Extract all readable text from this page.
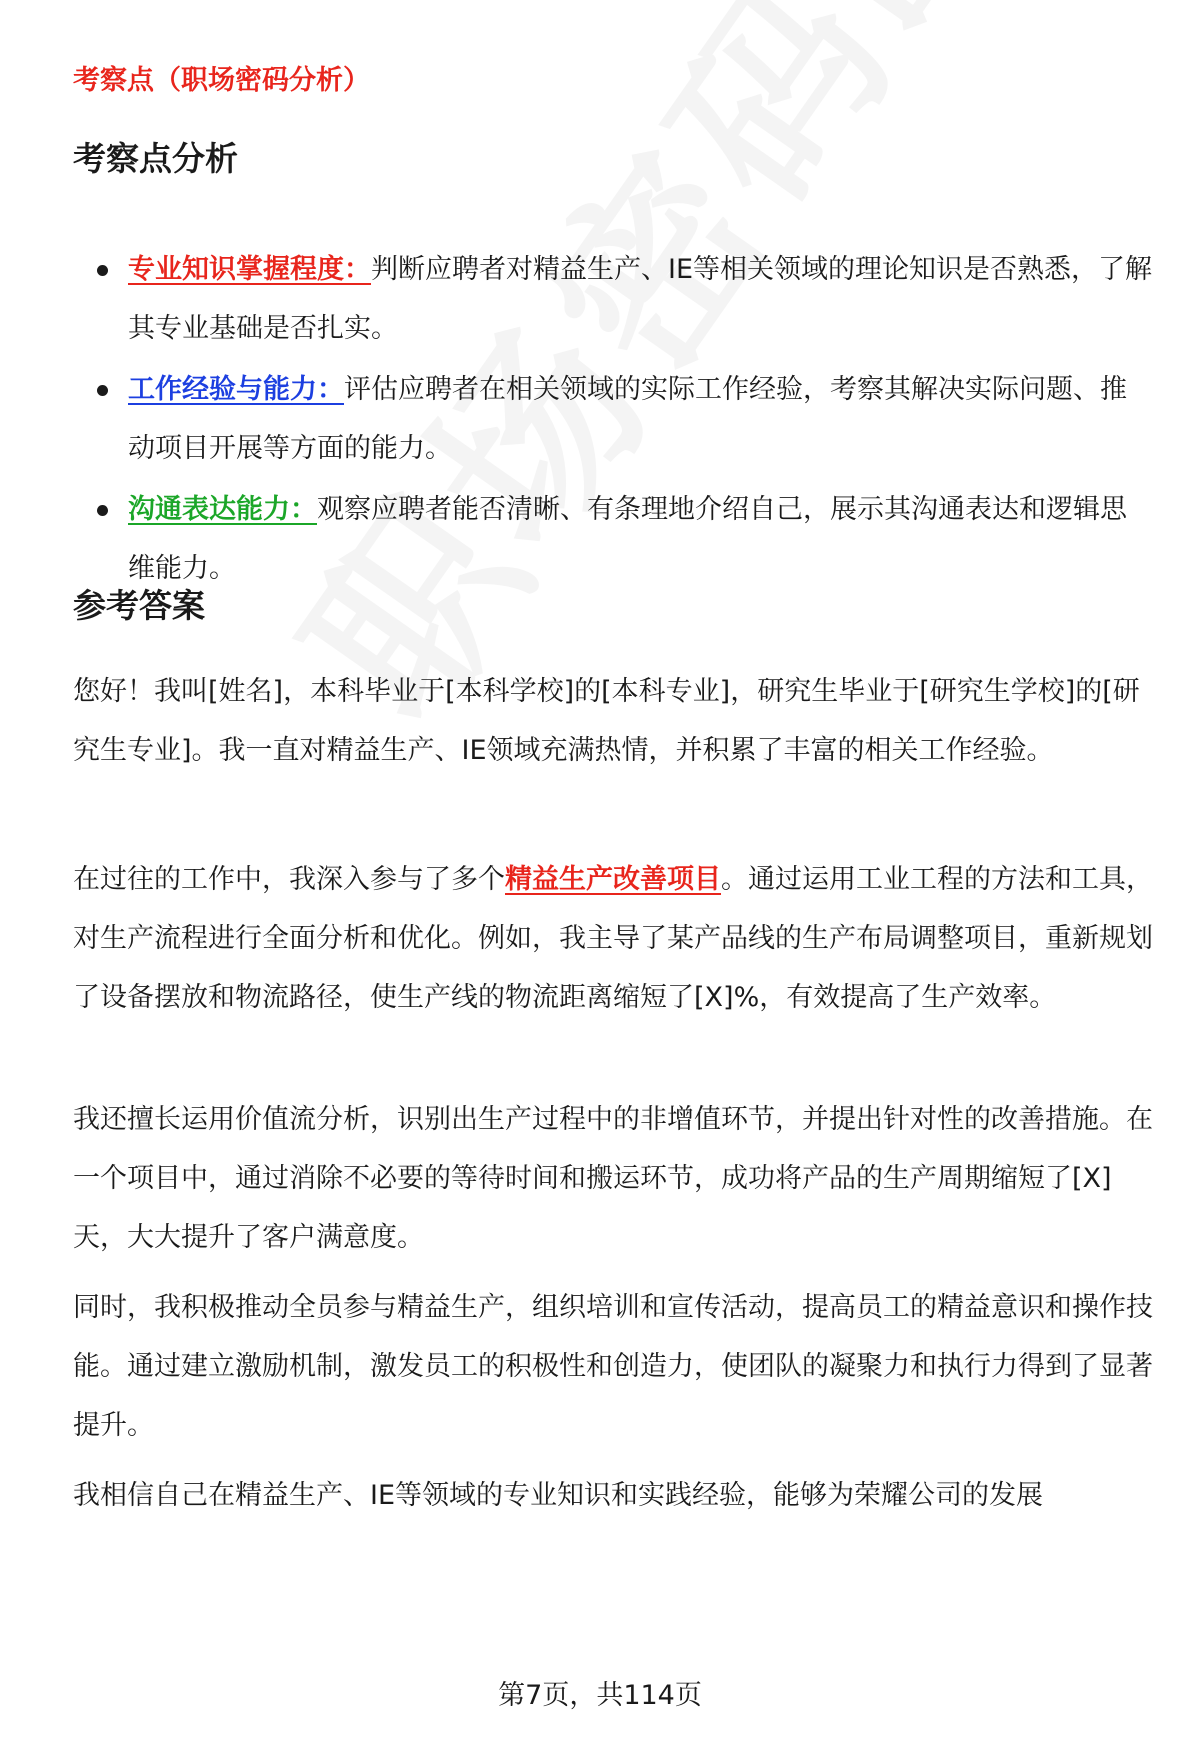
考察点（职场密码分析）
考察点分析
专业知识掌握程度：判断应聘者对精益生产、IE等相关领域的理论知识是否熟悉，了解其专业基础是否扎实。
工作经验与能力：评估应聘者在相关领域的实际工作经验，考察其解决实际问题、推动项目开展等方面的能力。
沟通表达能力：观察应聘者能否清晰、有条理地介绍自己，展示其沟通表达和逻辑思维能力。
参考答案

您好！我叫[姓名]，本科毕业于[本科学校]的[本科专业]，研究生毕业于[研究生学校]的[研究生专业]。我一直对精益生产、IE领域充满热情，并积累了丰富的相关工作经验。

在过往的工作中，我深入参与了多个精益生产改善项目。通过运用工业工程的方法和工具，对生产流程进行全面分析和优化。例如，我主导了某产品线的生产布局调整项目，重新规划了设备摆放和物流路径，使生产线的物流距离缩短了[X]%，有效提高了生产效率。

我还擅长运用价值流分析，识别出生产过程中的非增值环节，并提出针对性的改善措施。在一个项目中，通过消除不必要的等待时间和搬运环节，成功将产品的生产周期缩短了[X]天，大大提升了客户满意度。

同时，我积极推动全员参与精益生产，组织培训和宣传活动，提高员工的精益意识和操作技能。通过建立激励机制，激发员工的积极性和创造力，使团队的凝聚力和执行力得到了显著提升。

我相信自己在精益生产、IE等领域的专业知识和实践经验，能够为荣耀公司的发展

第7页，共114页
